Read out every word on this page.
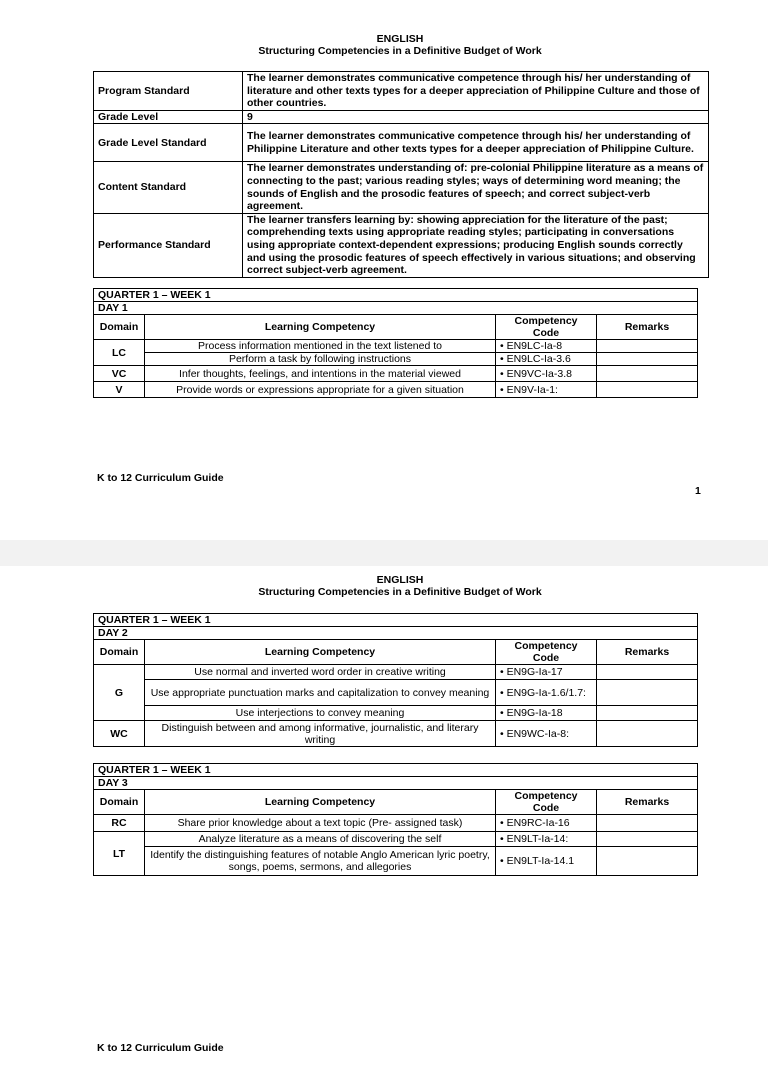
ENGLISH
Structuring Competencies in a Definitive Budget of Work
Program Standard	The learner demonstrates communicative competence through his/ her understanding of literature and other texts types for a deeper appreciation of Philippine Culture and those of other countries.
Grade Level	9
Grade Level Standard	The learner demonstrates communicative competence through his/ her understanding of Philippine Literature and other texts types for a deeper appreciation of Philippine Culture.
Content Standard	The learner demonstrates understanding of: pre-colonial Philippine literature as a means of connecting to the past; various reading styles; ways of determining word meaning; the sounds of English and the prosodic features of speech; and correct subject-verb agreement.
Performance Standard	The learner transfers learning by: showing appreciation for the literature of the past; comprehending texts using appropriate reading styles; participating in conversations using appropriate context-dependent expressions; producing English sounds correctly and using the prosodic features of speech effectively in various situations; and observing correct subject-verb agreement.
QUARTER 1 – WEEK 1			
DAY 1			
Domain	Learning Competency	Competency Code	Remarks
LC	Process information mentioned in the text listened to	• EN9LC-Ia-8	
	Perform a task by following instructions	• EN9LC-Ia-3.6	
VC	Infer thoughts, feelings, and intentions in the material viewed	• EN9VC-Ia-3.8	
V	Provide words or expressions appropriate for a given situation	• EN9V-Ia-1:	
K to 12 Curriculum Guide
1
ENGLISH
Structuring Competencies in a Definitive Budget of Work
QUARTER 1 – WEEK 1			
DAY 2			
Domain	Learning Competency	Competency Code	Remarks
G	Use normal and inverted word order in creative writing	• EN9G-Ia-17	
	Use appropriate punctuation marks and capitalization to convey meaning	• EN9G-Ia-1.6/1.7:	
	Use interjections to convey meaning	• EN9G-Ia-18	
WC	Distinguish between and among informative, journalistic, and literary writing	• EN9WC-Ia-8:	
QUARTER 1 – WEEK 1			
DAY 3			
Domain	Learning Competency	Competency Code	Remarks
RC	Share prior knowledge about a text topic (Pre- assigned task)	• EN9RC-Ia-16	
LT	Analyze literature as a means of discovering the self	• EN9LT-Ia-14:	
	Identify the distinguishing features of notable Anglo American lyric poetry, songs, poems, sermons, and allegories	• EN9LT-Ia-14.1	
K to 12 Curriculum Guide
